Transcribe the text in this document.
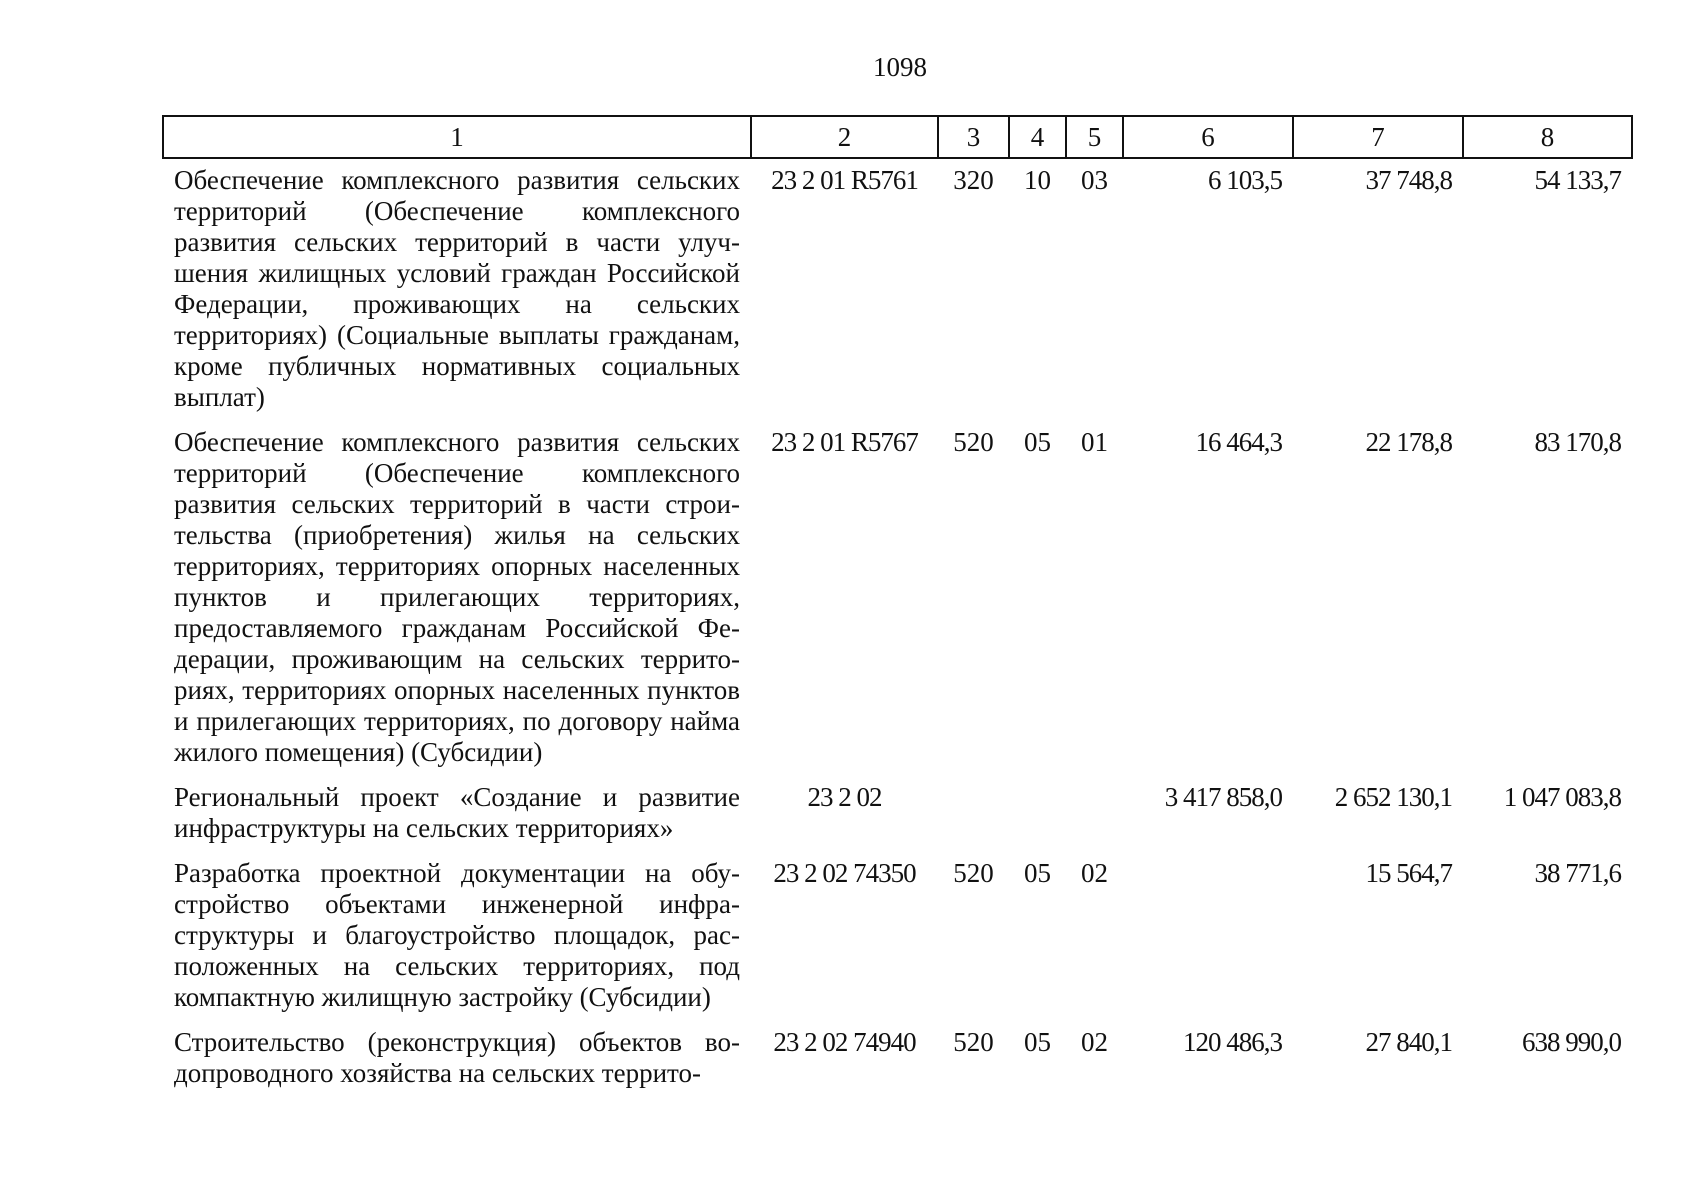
1098
1	2	3	4	5	6	7	8
Обеспечение комплексного развития сельских территорий (Обеспечение комплексного развития сельских территорий в части улучшения жилищных условий граждан Российской Федерации, проживающих на сельских территориях) (Социальные выплаты гражданам, кроме публичных нормативных социальных выплат)	23 2 01 R5761	320	10	03	6 103,5	37 748,8	54 133,7
Обеспечение комплексного развития сельских территорий (Обеспечение комплексного развития сельских территорий в части строительства (приобретения) жилья на сельских территориях, территориях опорных населенных пунктов и прилегающих территориях, предоставляемого гражданам Российской Федерации, проживающим на сельских территориях, территориях опорных населенных пунктов и прилегающих территориях, по договору найма жилого помещения) (Субсидии)	23 2 01 R5767	520	05	01	16 464,3	22 178,8	83 170,8
Региональный проект «Создание и развитие инфраструктуры на сельских территориях»	23 2 02				3 417 858,0	2 652 130,1	1 047 083,8
Разработка проектной документации на обустройство объектами инженерной инфраструктуры и благоустройство площадок, расположенных на сельских территориях, под компактную жилищную застройку (Субсидии)	23 2 02 74350	520	05	02		15 564,7	38 771,6
Строительство (реконструкция) объектов водопроводного хозяйства на сельских террито-	23 2 02 74940	520	05	02	120 486,3	27 840,1	638 990,0
